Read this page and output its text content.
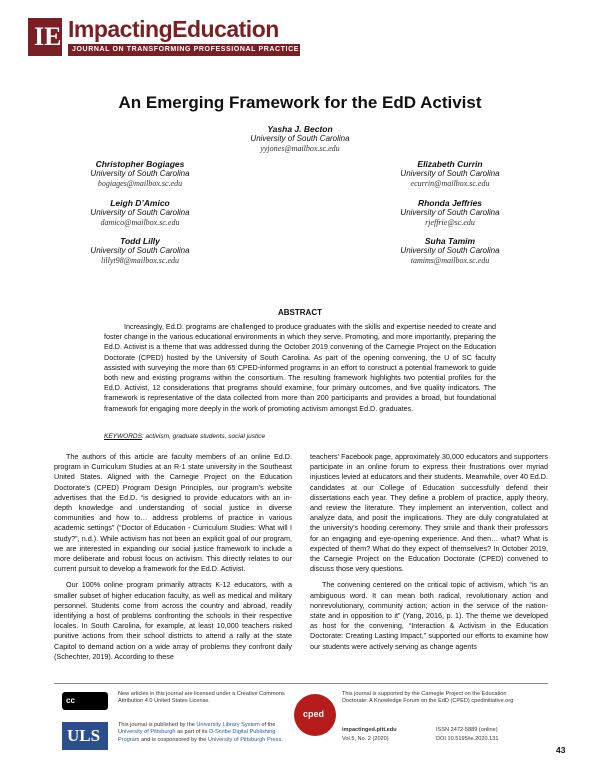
IE ImpactingEducation
JOURNAL ON TRANSFORMING PROFESSIONAL PRACTICE
An Emerging Framework for the EdD Activist
Yasha J. Becton
University of South Carolina
yyjones@mailbox.sc.edu
Christopher Bogiages
University of South Carolina
bogiages@mailbox.sc.edu
Leigh D’Amico
University of South Carolina
damico@mailbox.sc.edu
Todd Lilly
University of South Carolina
lillyt98@mailbox.sc.edu
Elizabeth Currin
University of South Carolina
ecurrin@mailbox.sc.edu
Rhonda Jeffries
University of South Carolina
rjeffrie@sc.edu
Suha Tamim
University of South Carolina
tamims@mailbox.sc.edu
ABSTRACT
Increasingly, Ed.D. programs are challenged to produce graduates with the skills and expertise needed to create and foster change in the various educational environments in which they serve. Promoting, and more importantly, preparing the Ed.D. Activist is a theme that was addressed during the October 2019 convening of the Carnegie Project on the Education Doctorate (CPED) hosted by the University of South Carolina. As part of the opening convening, the U of SC faculty assisted with surveying the more than 65 CPED-informed programs in an effort to construct a potential framework to guide both new and existing programs within the consortium. The resulting framework highlights two potential profiles for the Ed.D. Activist, 12 considerations that programs should examine, four primary outcomes, and five quality indicators. The framework is representative of the data collected from more than 200 participants and provides a broad, but foundational framework for engaging more deeply in the work of promoting activism amongst Ed.D. graduates.
KEYWORDS: activism, graduate students, social justice

The authors of this article are faculty members of an online Ed.D. program in Curriculum Studies at an R-1 state university in the Southeast United States. Aligned with the Carnegie Project on the Education Doctorate’s (CPED) Program Design Principles, our program’s website advertises that the Ed.D. “is designed to provide educators with an in-depth knowledge and understanding of social justice in diverse communities and how to… address problems of practice in various academic settings” (“Doctor of Education - Curriculum Studies: What will I study?”, n.d.). While activism has not been an explicit goal of our program, we are interested in expanding our social justice framework to include a more deliberate and robust focus on activism. This directly relates to our current pursuit to develop a framework for the Ed.D. Activist.

Our 100% online program primarily attracts K-12 educators, with a smaller subset of higher education faculty, as well as medical and military personnel. Students come from across the country and abroad, readily identifying a host of problems confronting the schools in their respective locales. In South Carolina, for example, at least 10,000 teachers risked punitive actions from their school districts to attend a rally at the state Capitol to demand action on a wide array of problems they confront daily (Schechter, 2019). According to these

teachers’ Facebook page, approximately 30,000 educators and supporters participate in an online forum to express their frustrations over myriad injustices levied at educators and their students. Meanwhile, over 40 Ed.D. candidates at our College of Education successfully defend their dissertations each year. They define a problem of practice, apply theory, and review the literature. They implement an intervention, collect and analyze data, and posit the implications. They are duly congratulated at the university’s hooding ceremony. They smile and thank their professors for an engaging and eye-opening experience. And then… what? What is expected of them? What do they expect of themselves? In October 2019, the Carnegie Project on the Education Doctorate (CPED) convened to discuss those very questions.

The convening centered on the critical topic of activism, which “is an ambiguous word. It can mean both radical, revolutionary action and nonrevolutionary, community action; action in the service of the nation-state and in opposition to it” (Yang, 2016, p. 1). The theme we developed as host for the convening, “Interaction & Activism in the Education Doctorate: Creating Lasting Impact,” supported our efforts to examine how our students were actively serving as change agents

cc
New articles in this journal are licensed under a Creative Commons Attribution 4.0 United States License.
ULS
This journal is published by the University Library System of the University of Pittsburgh as part of its D-Scribe Digital Publishing Program and is cosponsored by the University of Pittsburgh Press.
cped
This journal is supported by the Carnegie Project on the Education Doctorate: A Knowledge Forum on the EdD (CPED) cpedinitiative.org
impactinged.pitt.edu
Vol.5, No. 2 (2020)
ISSN 2472-5889 (online)
DOI 10.5195/ie.2020.131
43
